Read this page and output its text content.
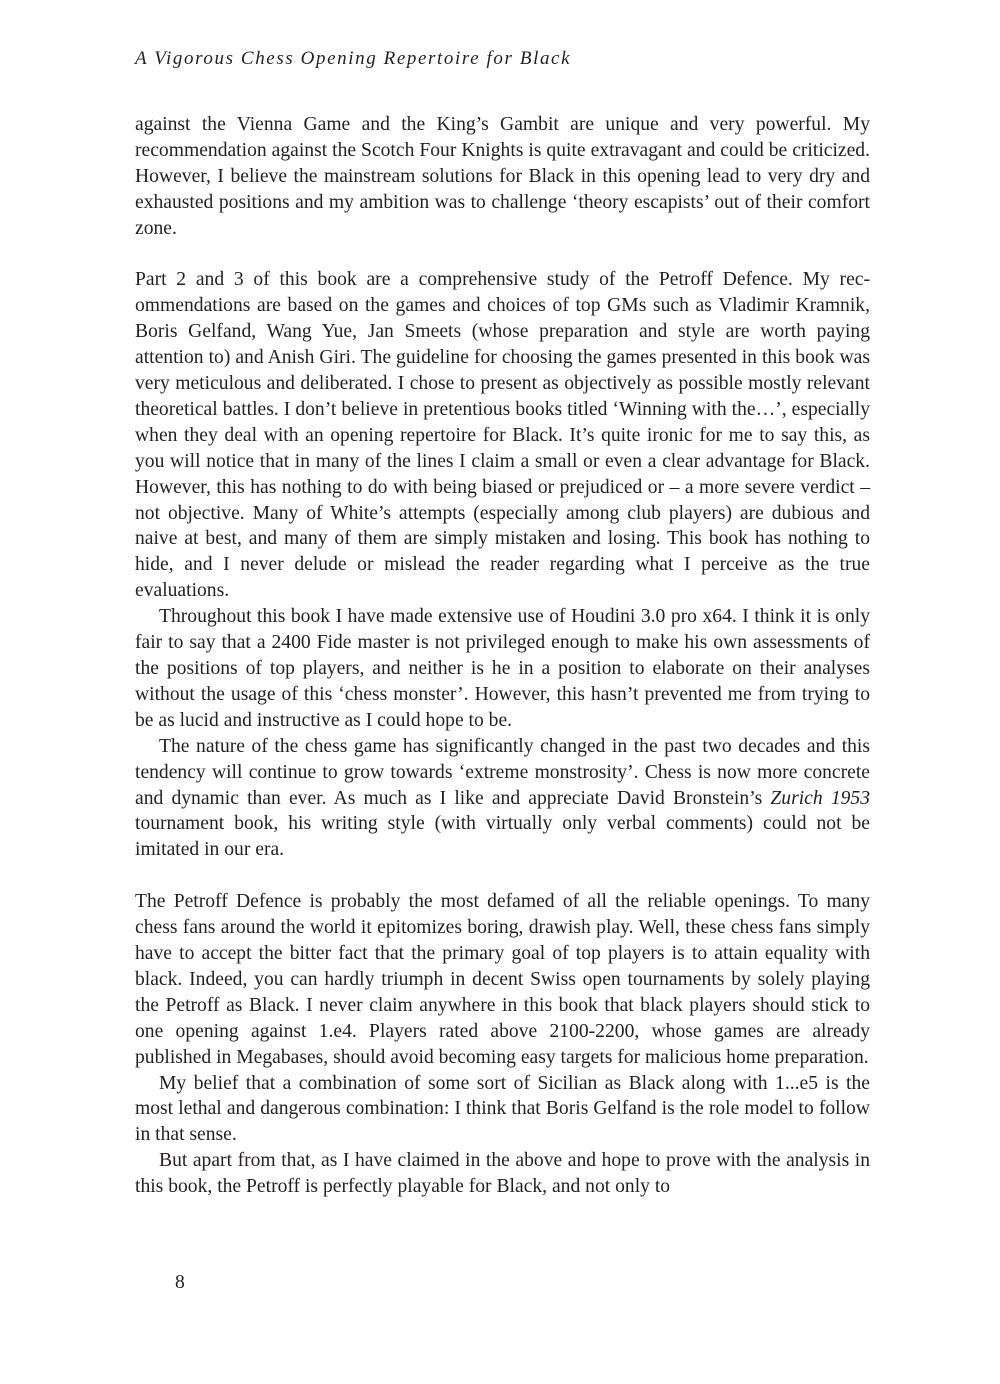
A Vigorous Chess Opening Repertoire for Black

against the Vienna Game and the King’s Gambit are unique and very powerful. My recommendation against the Scotch Four Knights is quite extravagant and could be criticized. However, I believe the mainstream solutions for Black in this opening lead to very dry and exhausted positions and my ambition was to challenge ‘theory escapists’ out of their comfort zone.

Part 2 and 3 of this book are a comprehensive study of the Petroff Defence. My recommendations are based on the games and choices of top GMs such as Vladimir Kramnik, Boris Gelfand, Wang Yue, Jan Smeets (whose preparation and style are worth paying attention to) and Anish Giri. The guideline for choosing the games presented in this book was very meticulous and deliberated. I chose to present as objectively as possible mostly relevant theoretical battles. I don’t believe in pretentious books titled ‘Winning with the…’, especially when they deal with an opening repertoire for Black. It’s quite ironic for me to say this, as you will notice that in many of the lines I claim a small or even a clear advantage for Black. However, this has nothing to do with being biased or prejudiced or – a more severe verdict – not objective. Many of White’s attempts (especially among club players) are dubious and naive at best, and many of them are simply mistaken and losing. This book has nothing to hide, and I never delude or mislead the reader regarding what I perceive as the true evaluations.

Throughout this book I have made extensive use of Houdini 3.0 pro x64. I think it is only fair to say that a 2400 Fide master is not privileged enough to make his own assessments of the positions of top players, and neither is he in a position to elaborate on their analyses without the usage of this ‘chess monster’. However, this hasn’t prevented me from trying to be as lucid and instructive as I could hope to be.

The nature of the chess game has significantly changed in the past two decades and this tendency will continue to grow towards ‘extreme monstrosity’. Chess is now more concrete and dynamic than ever. As much as I like and appreciate David Bronstein’s Zurich 1953 tournament book, his writing style (with virtually only verbal comments) could not be imitated in our era.

The Petroff Defence is probably the most defamed of all the reliable openings. To many chess fans around the world it epitomizes boring, drawish play. Well, these chess fans simply have to accept the bitter fact that the primary goal of top players is to attain equality with black. Indeed, you can hardly triumph in decent Swiss open tournaments by solely playing the Petroff as Black. I never claim anywhere in this book that black players should stick to one opening against 1.e4. Players rated above 2100-2200, whose games are already published in Megabases, should avoid becoming easy targets for malicious home preparation.

My belief that a combination of some sort of Sicilian as Black along with 1...e5 is the most lethal and dangerous combination: I think that Boris Gelfand is the role model to follow in that sense.

But apart from that, as I have claimed in the above and hope to prove with the analysis in this book, the Petroff is perfectly playable for Black, and not only to

8
